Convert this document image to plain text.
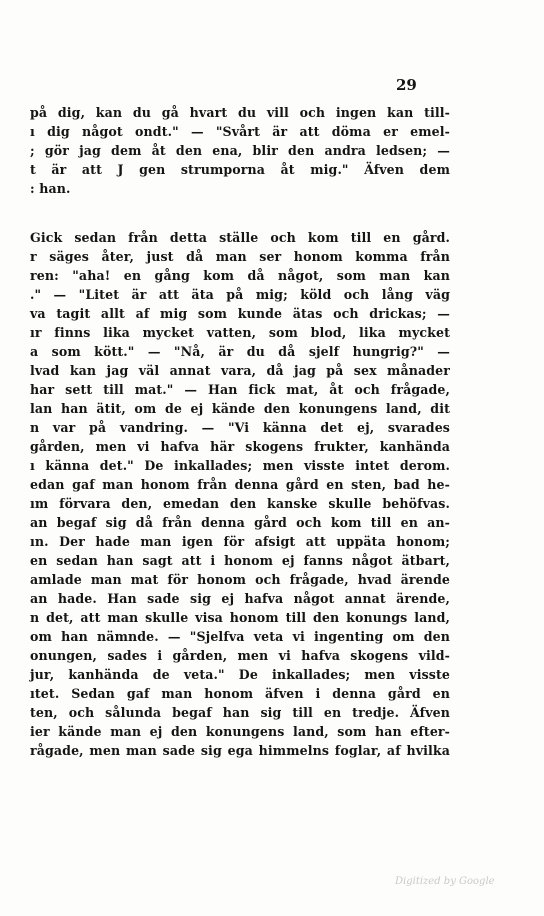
29
på dig, kan du gå hvart du vill och ingen kan till-
ı dig något ondt." — "Svårt är att döma er emel-
; gör jag dem åt den ena, blir den andra ledsen; —
t är att J gen strumporna åt mig." Äfven dem
: han.
Gick sedan från detta ställe och kom till en gård.
r säges åter, just då man ser honom komma från
ren: "aha! en gång kom då något, som man kan
." — "Litet är att äta på mig; köld och lång väg
va tagit allt af mig som kunde ätas och drickas; —
ır finns lika mycket vatten, som blod, lika mycket
a som kött." — "Nå, är du då sjelf hungrig?" —
lvad kan jag väl annat vara, då jag på sex månader
har sett till mat." — Han fick mat, åt och frågade,
lan han ätit, om de ej kände den konungens land, dit
n var på vandring. — "Vi känna det ej, svarades
gården, men vi hafva här skogens frukter, kanhända
ı känna det." De inkallades; men visste intet derom.
edan gaf man honom från denna gård en sten, bad he-
ım förvara den, emedan den kanske skulle behöfvas.
an begaf sig då från denna gård och kom till en an-
ın. Der hade man igen för afsigt att uppäta honom;
en sedan han sagt att i honom ej fanns något ätbart,
amlade man mat för honom och frågade, hvad ärende
an hade. Han sade sig ej hafva något annat ärende,
n det, att man skulle visa honom till den konungs land,
om han nämnde. — "Sjelfva veta vi ingenting om den
onungen, sades i gården, men vi hafva skogens vild-
jur, kanhända de veta." De inkallades; men visste
ıtet. Sedan gaf man honom äfven i denna gård en
ten, och sålunda begaf han sig till en tredje. Äfven
ier kände man ej den konungens land, som han efter-
rågade, men man sade sig ega himmelns foglar, af hvilka
Digitized by Google
